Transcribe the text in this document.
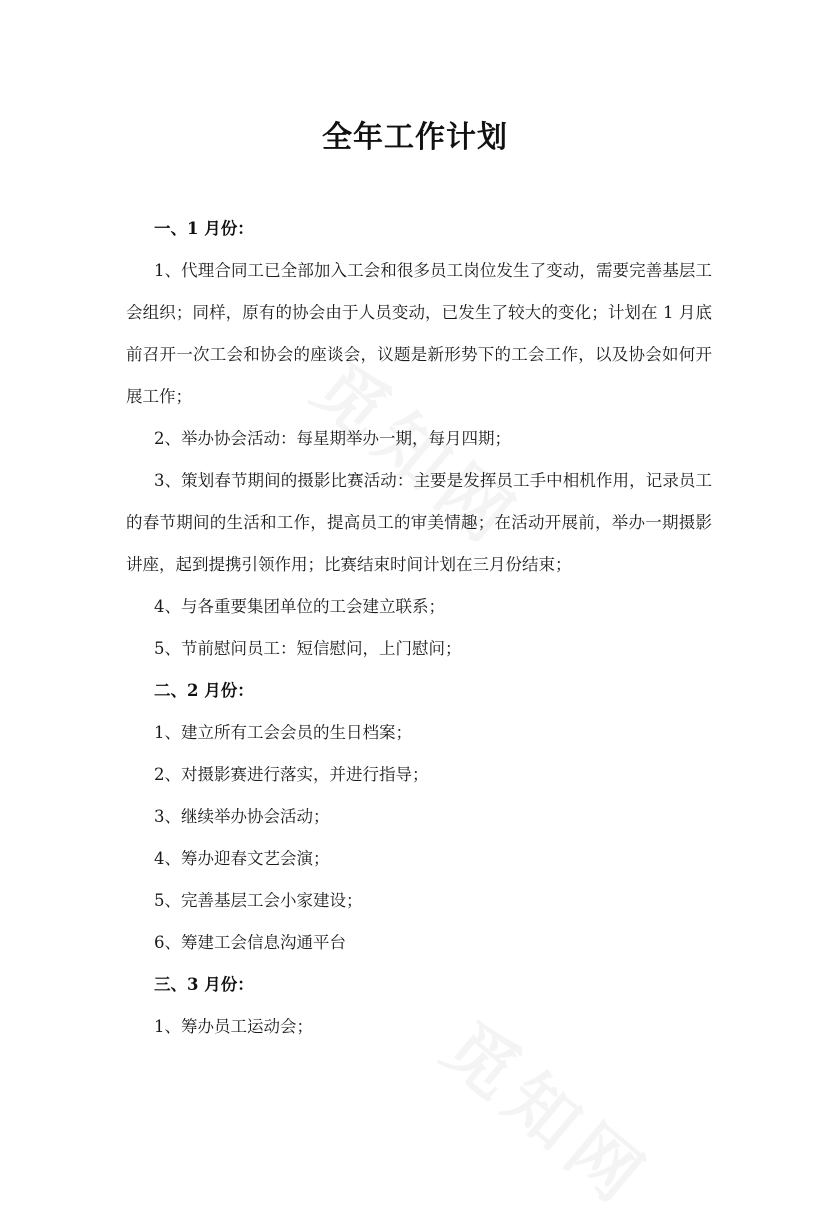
全年工作计划
一、1 月份：

1、代理合同工已全部加入工会和很多员工岗位发生了变动，需要完善基层工会组织；同样，原有的协会由于人员变动，已发生了较大的变化；计划在 1 月底前召开一次工会和协会的座谈会，议题是新形势下的工会工作，以及协会如何开展工作；

2、举办协会活动：每星期举办一期，每月四期；

3、策划春节期间的摄影比赛活动：主要是发挥员工手中相机作用，记录员工的春节期间的生活和工作，提高员工的审美情趣；在活动开展前，举办一期摄影讲座，起到提携引领作用；比赛结束时间计划在三月份结束；

4、与各重要集团单位的工会建立联系；
5、节前慰问员工：短信慰问，上门慰问；
二、2 月份：
1、建立所有工会会员的生日档案；
2、对摄影赛进行落实，并进行指导；
3、继续举办协会活动；
4、筹办迎春文艺会演；
5、完善基层工会小家建设；
6、筹建工会信息沟通平台
三、3 月份：
1、筹办员工运动会；
